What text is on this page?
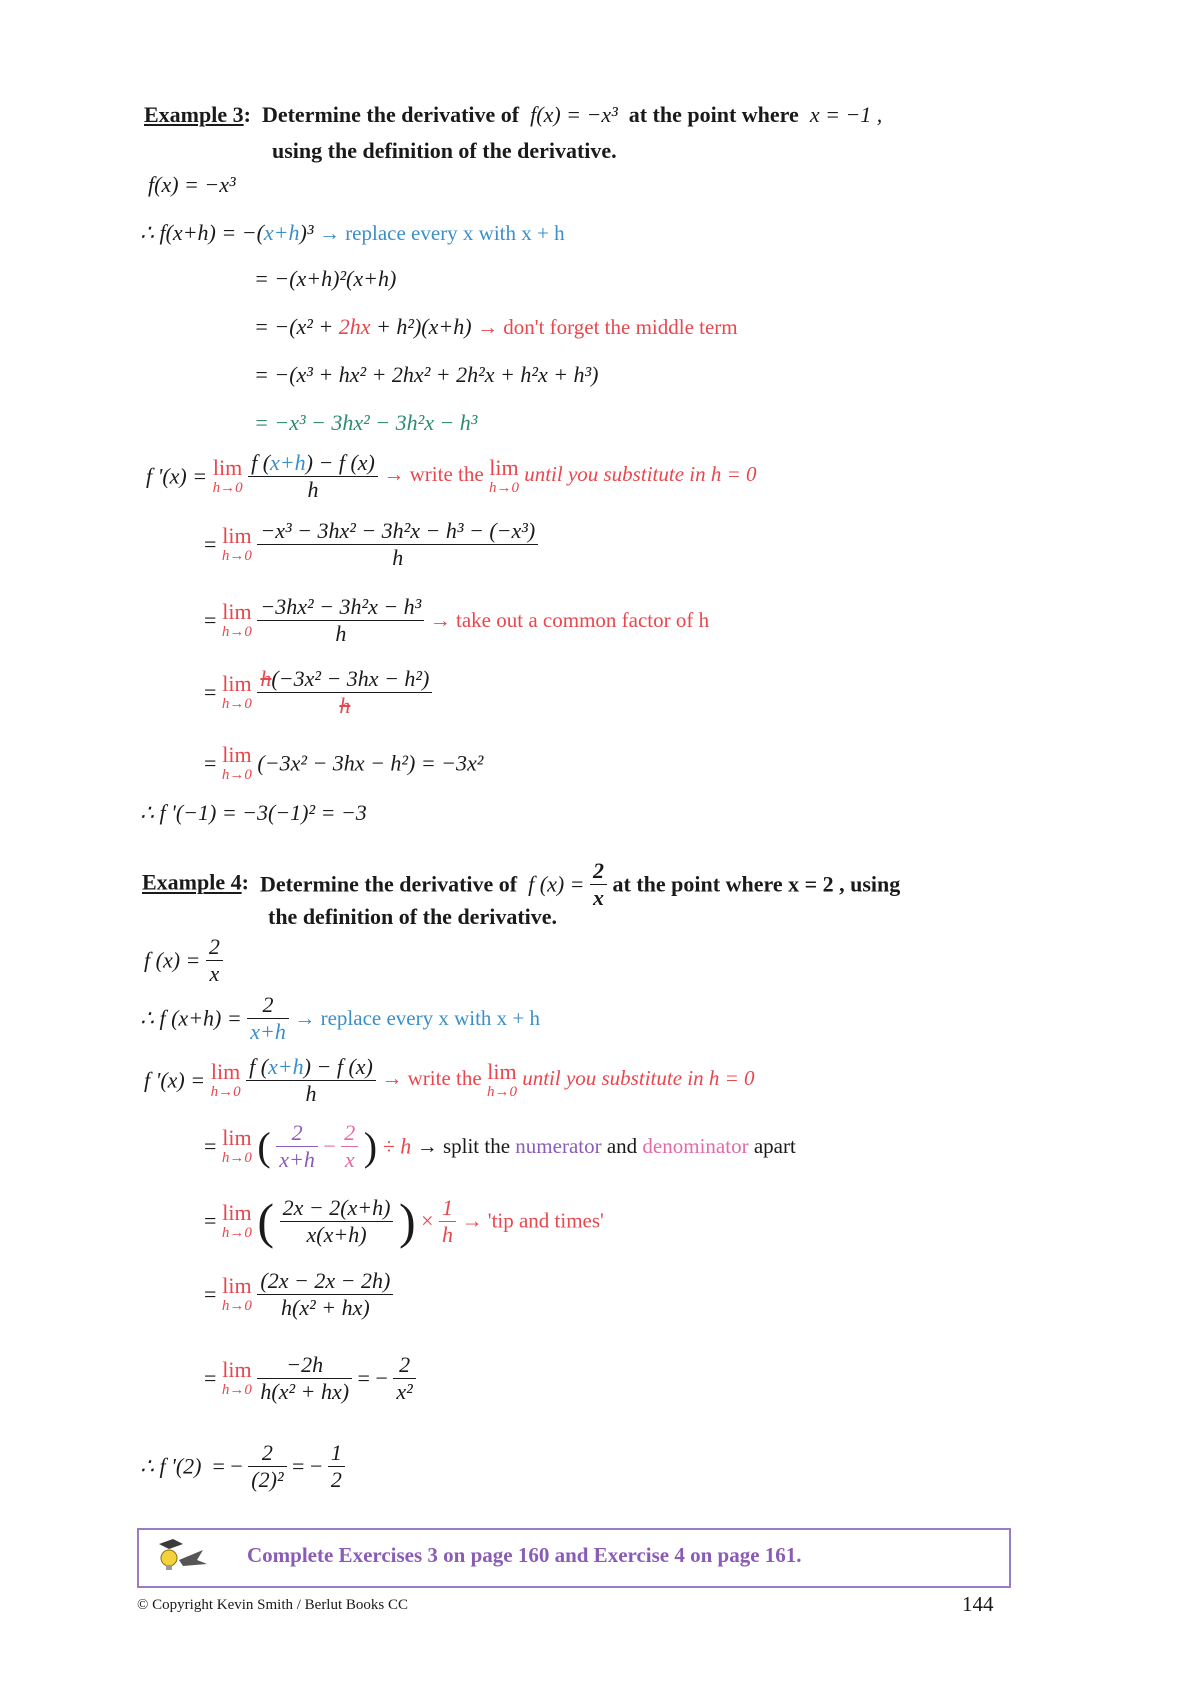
Example 3: Determine the derivative of f(x) = −x³ at the point where x = −1 ,
using the definition of the derivative.
f(x) = −x³
∴ f(x+h) = −(x+h)³ → replace every x with x + h
= −(x+h)²(x+h)
= −(x² + 2hx + h²)(x+h) → don't forget the middle term
= −(x³ + hx² + 2hx² + 2h²x + h²x + h³)
= −x³ − 3hx² − 3h²x − h³
f '(x) = lim
h→0
$\frac{f (x+h) - f (x)}{h}$ → write the lim
h→0
until you substitute in h = 0
= lim
h→0
$\frac{\text{−x³ − 3hx² − 3h²x − h³ − (−x³)}}{h}$
= lim
h→0
$\frac{\text{−3hx² − 3h²x − h³}}{h}$ → take out a common factor of h
= lim
h→0
$\frac{\text{h(−3x² − 3hx − h²)}}{h}$
= lim
h→0 (−3x² − 3hx − h²) = −3x²
∴ f '(−1) = −3(−1)² = −3
Example 4: Determine the derivative of f $(x) = \frac{2}{x}$ at the point where x = 2 , using
the definition of the derivative.
f $(x) = \frac{2}{x}$
∴ f $(x+h) = \frac{2}{x+h}$ → replace every x with x + h
f '(x) = lim
h→0
$\frac{f (x+h) - f (x)}{h}$ → write the lim
h→0
until you substitute in h = 0
= lim
h→0 ( $\frac{2}{x+h} - \frac{2}{x}$ ) ÷ h → split the numerator and denominator apart
= lim
h→0 ( $\frac{2x - 2(x+h)}{x(x+h)}$ ) × $\frac{1}{h}$ → 'tip and times'
= lim
h→0
$\frac{(2x - 2x - 2h)}{\text{h(x² + hx)}}$
= lim
h→0
$\frac{-2h}{\text{h(x² + hx)}}$ = − $\frac{2}{\text{x²}}$
∴ f '(2)  = − $\frac{2}{\text{(2)²}}$ = − $\frac{1}{2}$
Complete Exercises 3 on page 160 and Exercise 4 on page 161.
© Copyright Kevin Smith / Berlut Books CC	144
